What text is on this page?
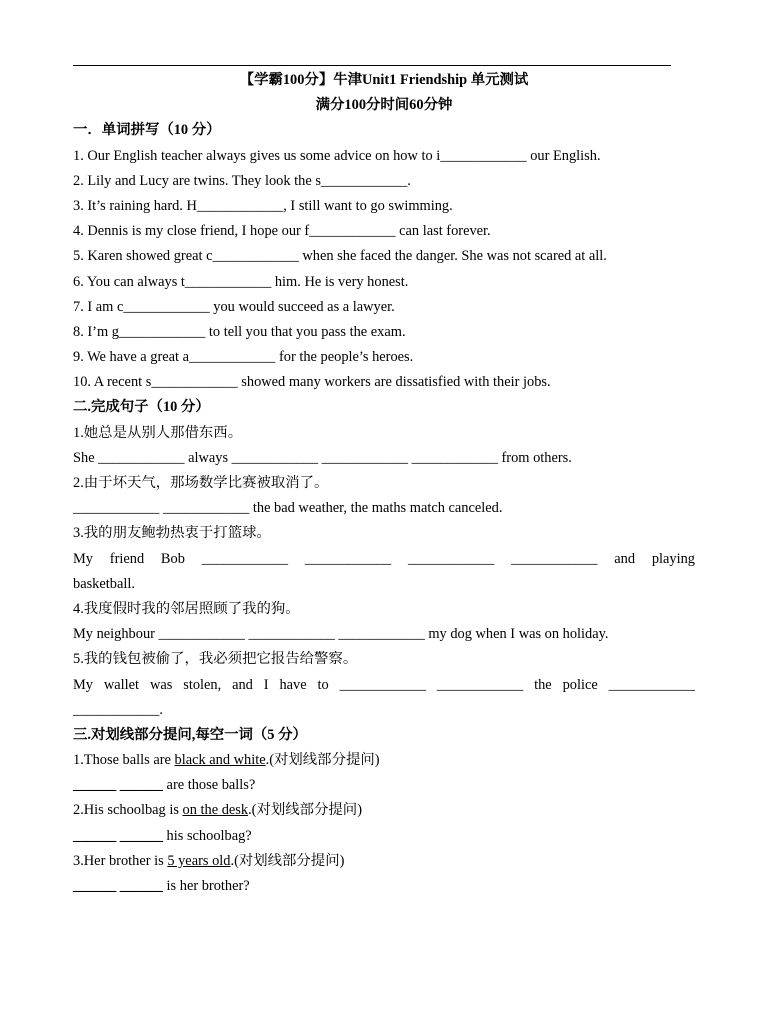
【学霸100分】牛津Unit1 Friendship 单元测试
满分100分时间60分钟
一．单词拼写（10 分）
1. Our English teacher always gives us some advice on how to i____________ our English.
2. Lily and Lucy are twins. They look the s____________.
3. It’s raining hard. H____________, I still want to go swimming.
4. Dennis is my close friend, I hope our f____________ can last forever.
5. Karen showed great c____________ when she faced the danger. She was not scared at all.
6. You can always t____________ him. He is very honest.
7. I am c____________ you would succeed as a lawyer.
8. I’m g____________ to tell you that you pass the exam.
9. We have a great a____________ for the people’s heroes.
10. A recent s____________ showed many workers are dissatisfied with their jobs.
二.完成句子（10 分）
1.她总是从别人那借东西。
She ____________ always ____________ ____________ ____________ from others.
2.由于坏天气，那场数学比赛被取消了。
____________ ____________ the bad weather, the maths match canceled.
3.我的朋友鲍勃热衷于打篮球。
My friend Bob ____________ ____________ ____________ ____________ and playing
basketball.
4.我度假时我的邻居照顾了我的狗。
My neighbour ____________ ____________ ____________ my dog when I was on holiday.
5.我的钱包被偷了，我必须把它报告给警察。
My wallet was stolen, and I have to ____________ ____________ the police ____________
____________.
三.对划线部分提问,每空一词（5 分）
1.Those balls are black and white.(对划线部分提问)
______ ______ are those balls?
2.His schoolbag is on the desk.(对划线部分提问)
______ ______ his schoolbag?
3.Her brother is 5 years old.(对划线部分提问)
______ ______ is her brother?
